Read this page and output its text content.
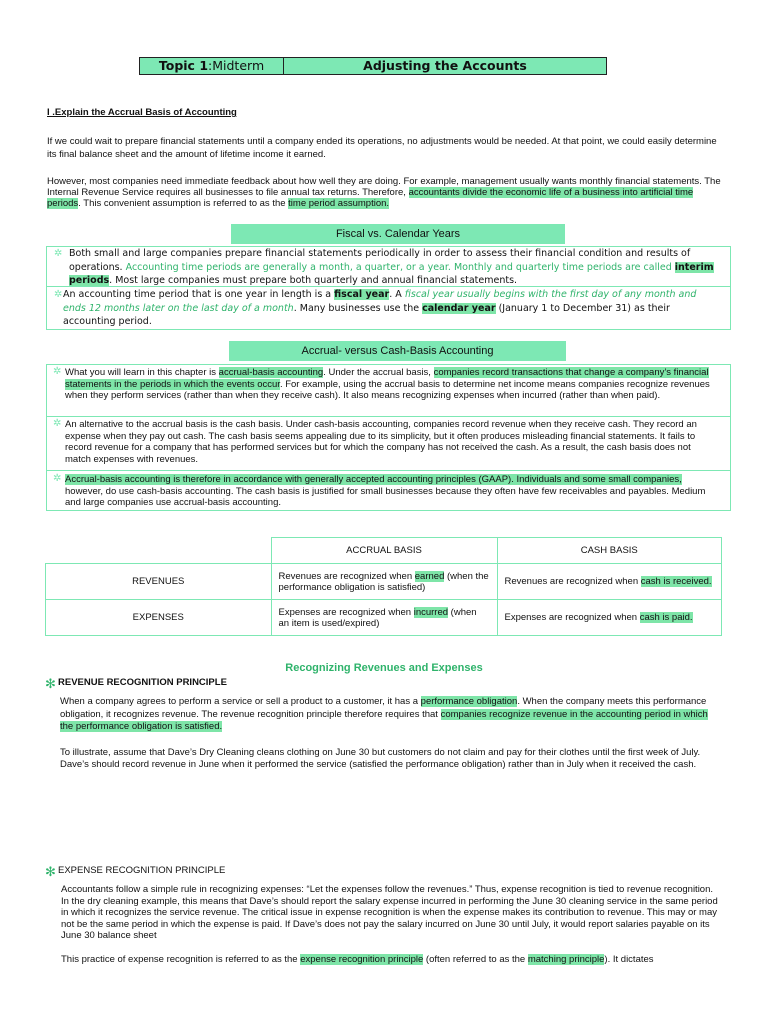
Topic 1:Midterm	Adjusting the Accounts
I .Explain the Accrual Basis of Accounting
If we could wait to prepare financial statements until a company ended its operations, no adjustments would be needed. At that point, we could easily determine its final balance sheet and the amount of lifetime income it earned.
However, most companies need immediate feedback about how well they are doing. For example, management usually wants monthly financial statements. The Internal Revenue Service requires all businesses to file annual tax returns. Therefore, accountants divide the economic life of a business into artificial time periods. This convenient assumption is referred to as the time period assumption.
Fiscal vs. Calendar Years
✲ Both small and large companies prepare financial statements periodically in order to assess their financial condition and results of operations. Accounting time periods are generally a month, a quarter, or a year. Monthly and quarterly time periods are called interim periods. Most large companies must prepare both quarterly and annual financial statements.
✲ An accounting time period that is one year in length is a fiscal year. A fiscal year usually begins with the first day of any month and ends 12 months later on the last day of a month. Many businesses use the calendar year (January 1 to December 31) as their accounting period.
Accrual- versus Cash-Basis Accounting
✲ What you will learn in this chapter is accrual-basis accounting. Under the accrual basis, companies record transactions that change a company’s financial statements in the periods in which the events occur. For example, using the accrual basis to determine net income means companies recognize revenues when they perform services (rather than when they receive cash). It also means recognizing expenses when incurred (rather than when paid).
✲ An alternative to the accrual basis is the cash basis. Under cash-basis accounting, companies record revenue when they receive cash. They record an expense when they pay out cash. The cash basis seems appealing due to its simplicity, but it often produces misleading financial statements. It fails to record revenue for a company that has performed services but for which the company has not received the cash. As a result, the cash basis does not match expenses with revenues.
✲ Accrual-basis accounting is therefore in accordance with generally accepted accounting principles (GAAP). Individuals and some small companies, however, do use cash-basis accounting. The cash basis is justified for small businesses because they often have few receivables and payables. Medium and large companies use accrual-basis accounting.
	ACCRUAL BASIS	CASH BASIS
REVENUES	Revenues are recognized when earned (when the performance obligation is satisfied)	Revenues are recognized when cash is received.
EXPENSES	Expenses are recognized when incurred (when an item is used/expired)	Expenses are recognized when cash is paid.
Recognizing Revenues and Expenses
✻ REVENUE RECOGNITION PRINCIPLE
When a company agrees to perform a service or sell a product to a customer, it has a performance obligation. When the company meets this performance obligation, it recognizes revenue. The revenue recognition principle therefore requires that companies recognize revenue in the accounting period in which the performance obligation is satisfied.
To illustrate, assume that Dave’s Dry Cleaning cleans clothing on June 30 but customers do not claim and pay for their clothes until the first week of July. Dave’s should record revenue in June when it performed the service (satisfied the performance obligation) rather than in July when it received the cash.
✻ EXPENSE RECOGNITION PRINCIPLE
Accountants follow a simple rule in recognizing expenses: “Let the expenses follow the revenues.” Thus, expense recognition is tied to revenue recognition. In the dry cleaning example, this means that Dave’s should report the salary expense incurred in performing the June 30 cleaning service in the same period in which it recognizes the service revenue. The critical issue in expense recognition is when the expense makes its contribution to revenue. This may or may not be the same period in which the expense is paid. If Dave’s does not pay the salary incurred on June 30 until July, it would report salaries payable on its June 30 balance sheet
This practice of expense recognition is referred to as the expense recognition principle (often referred to as the matching principle). It dictates
